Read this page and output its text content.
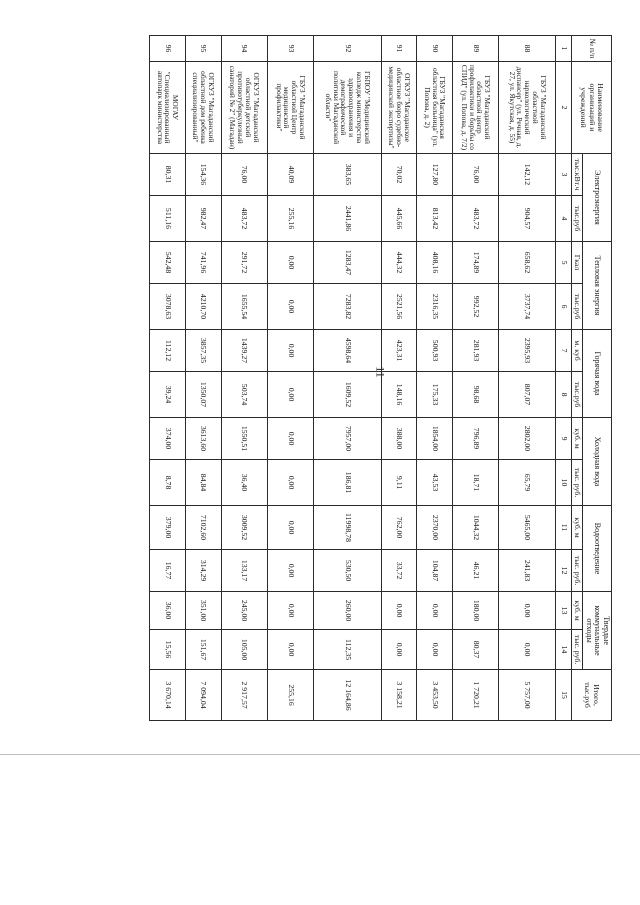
11
№ п/п	Наименование организаций и учреждений	Электроэнергия		Тепловая энергия		Горячая вода		Холодная вода		Водоотведение		Твердые коммунальные отходы		Итого, тыс.руб
		тыс.кВт.ч	тыс.руб	Гкал	тыс.руб	м. куб	тыс.руб	куб. м	тыс. руб.	куб. м	тыс. руб.	куб. м	тыс. руб.	
1	2	3	4	5	6	7	8	9	10	11	12	13	14	15
88	ГБУЗ "Магаданский областной наркологический диспансер" (ул. Речная, д. 27, ул. Якутская, д. 55)	142,12	904,57	658,62	3737,74	2395,93	807,07	2802,00	65,79	5465,00	241,83	0,00	0,00	5 757,00
89	ГБУЗ "Магаданский областной центр профилактики и борьбы со СПИД" (ул. Попова, д. 7/2)	76,00	483,72	174,89	992,52	281,93	98,68	796,89	18,71	1044,32	46,21	180,00	80,37	1 720,21
90	ГБУЗ "Магаданская областная больница" (ул. Попова, д. 2)	127,80	813,42	408,16	2316,35	500,93	175,33	1854,00	43,53	2370,00	104,87	0,00	0,00	3 453,50
91	ОГКУЗ "Магаданское областное бюро судебно-медицинской экспертизы"	70,02	445,66	444,32	2521,56	423,31	148,16	388,00	9,11	762,00	33,72	0,00	0,00	3 158,21
92	ГБПОУ "Медицинский колледж министерства здравоохранения и демографической политики Магаданской области"	383,65	2441,86	1283,47	7283,82	4598,64	1609,52	7957,00	186,81	11998,78	530,50	260,00	112,35	12 164,86
93	ГБУЗ "Магаданский областной Центр медицинской профилактики"	40,09	255,16	0,00	0,00	0,00	0,00	0,00	0,00	0,00	0,00	0,00	0,00	255,16
94	ОГКУЗ "Магаданский областной детский противотуберкулезный санаторий № 2" (Магадан)	76,00	483,72	291,72	1655,54	1439,27	503,74	1550,51	36,40	3009,52	133,17	245,00	105,00	2 917,57
95	ОГКУЗ "Магаданский областной дом ребенка специализированный"	154,36	982,47	741,96	4210,70	3857,35	1350,07	3613,60	84,84	7102,60	314,29	351,00	151,67	7 094,04
96	МОГАУ "Специализированный автопарк министерства	80,31	511,16	542,48	3078,63	112,12	39,24	374,00	8,78	379,00	16,77	36,00	15,56	3 670,14
